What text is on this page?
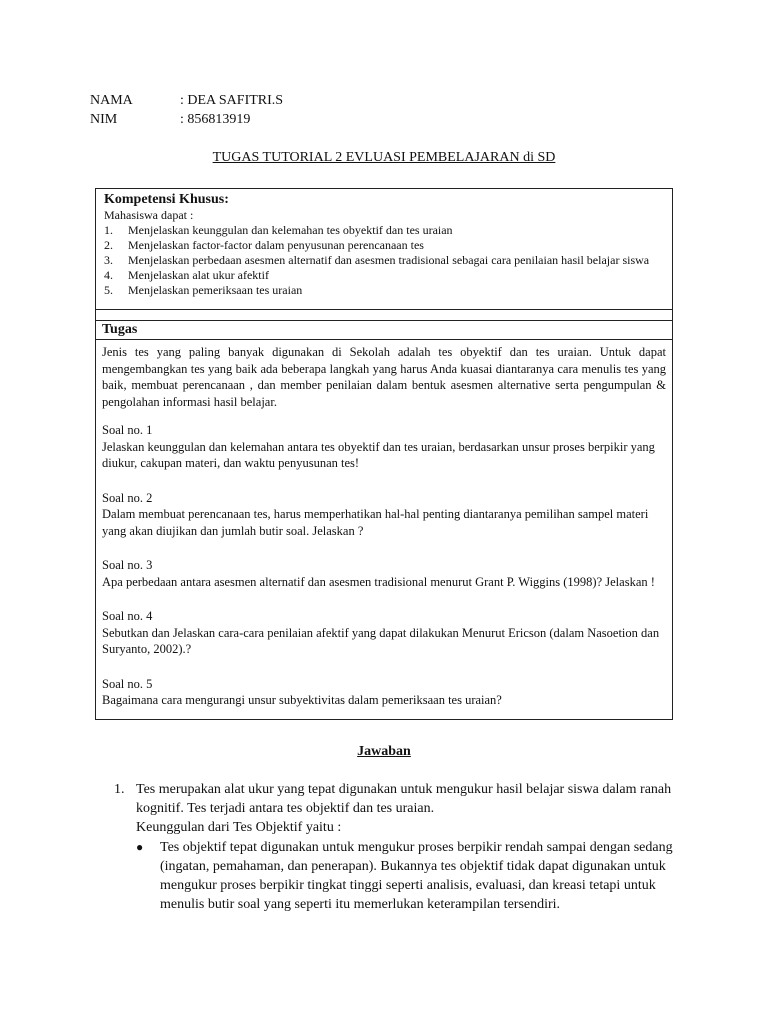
NAMA	: DEA SAFITRI.S
NIM	: 856813919
TUGAS TUTORIAL 2 EVLUASI PEMBELAJARAN di SD
Kompetensi Khusus:
Mahasiswa dapat :
1.	Menjelaskan keunggulan dan kelemahan tes obyektif dan tes uraian
2.	Menjelaskan factor-factor dalam penyusunan perencanaan tes
3.	Menjelaskan perbedaan asesmen alternatif dan asesmen tradisional sebagai cara penilaian hasil belajar siswa
4.	Menjelaskan alat ukur afektif
5.	Menjelaskan pemeriksaan tes uraian
Tugas

Jenis tes yang paling banyak digunakan di Sekolah adalah tes obyektif dan tes uraian. Untuk dapat mengembangkan tes yang baik ada beberapa langkah yang harus Anda kuasai diantaranya cara menulis tes yang baik, membuat perencanaan , dan member penilaian dalam bentuk asesmen alternative serta pengumpulan & pengolahan informasi hasil belajar.

Soal no. 1
Jelaskan keunggulan dan kelemahan antara tes obyektif dan tes uraian, berdasarkan unsur proses berpikir yang diukur, cakupan materi, dan waktu penyusunan tes!
Soal no. 2
Dalam membuat perencanaan tes, harus memperhatikan hal-hal penting diantaranya pemilihan sampel materi yang akan diujikan dan jumlah butir soal. Jelaskan ?
Soal no. 3
Apa perbedaan antara asesmen alternatif dan asesmen tradisional menurut Grant P. Wiggins (1998)? Jelaskan !
Soal no. 4
Sebutkan dan Jelaskan cara-cara penilaian afektif yang dapat dilakukan Menurut Ericson (dalam Nasoetion dan Suryanto, 2002).?
Soal no. 5
Bagaimana cara mengurangi unsur subyektivitas dalam pemeriksaan tes uraian?
Jawaban
1. Tes merupakan alat ukur yang tepat digunakan untuk mengukur hasil belajar siswa dalam ranah kognitif. Tes terjadi antara tes objektif dan tes uraian.
Keunggulan dari Tes Objektif yaitu :
● Tes objektif tepat digunakan untuk mengukur proses berpikir rendah sampai dengan sedang (ingatan, pemahaman, dan penerapan). Bukannya tes objektif tidak dapat digunakan untuk mengukur proses berpikir tingkat tinggi seperti analisis, evaluasi, dan kreasi tetapi untuk menulis butir soal yang seperti itu memerlukan keterampilan tersendiri.
